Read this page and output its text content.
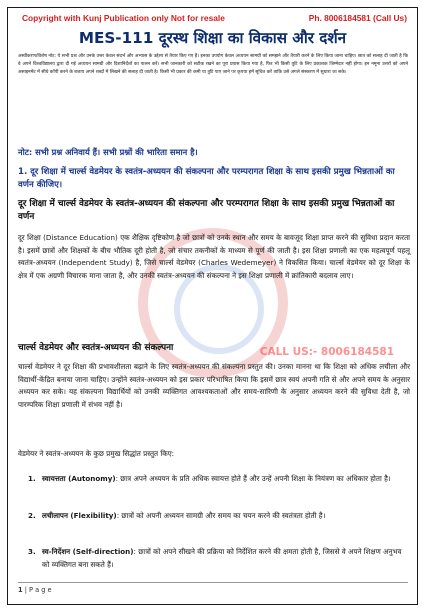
Copyright with Kunj Publication only Not for resale	Ph. 8006184581 (Call Us)
MES-111 दूरस्थ शिक्षा का विकास और दर्शन
अस्वीकरण/विशेष नोट: ये सभी प्रश्न और उनके उत्तर केवल संदर्भ और अभ्यास के उद्देश्य से तैयार किए गए हैं। इनका उपयोग केवल अध्ययन सामग्री को समझने और तैयारी करने के लिए किया जाना चाहिए। छात्र को सलाह दी जाती है कि वे अपने विश्वविद्यालय द्वारा दी गई अध्ययन सामग्री और दिशानिर्देशों का पालन करें। सभी जानकारी को सटीक रखने का पूरा प्रयास किया गया है, फिर भी किसी त्रुटि के लिए प्रकाशक जिम्मेदार नहीं होगा। इन नमूना उत्तरों को अपने असाइनमेंट में सीधे कॉपी करने के बजाय अपने शब्दों में लिखने की सलाह दी जाती है। किसी भी प्रकार की कमी या त्रुटि पाए जाने पर कृपया हमें सूचित करें ताकि उसे अगले संस्करण में सुधारा जा सके।
नोट: सभी प्रश्न अनिवार्य हैं। सभी प्रश्नों की भारिता समान है।
1. दूर शिक्षा में चार्ल्स वेडमेयर के स्वतंत्र-अध्ययन की संकल्पना और परम्परागत शिक्षा के साथ इसकी प्रमुख भिन्नताओं का वर्णन कीजिए।
दूर शिक्षा में चार्ल्स वेडमेयर के स्वतंत्र-अध्ययन की संकल्पना और परम्परागत शिक्षा के साथ इसकी प्रमुख भिन्नताओं का वर्णन
दूर शिक्षा (Distance Education) एक शैक्षिक दृष्टिकोण है जो छात्रों को उनके स्थान और समय के बावजूद शिक्षा प्राप्त करने की सुविधा प्रदान करता है। इसमें छात्रों और शिक्षकों के बीच भौतिक दूरी होती है, जो संचार तकनीकों के माध्यम से पूर्ण की जाती है। इस शिक्षा प्रणाली का एक महत्वपूर्ण पहलू स्वतंत्र-अध्ययन (Independent Study) है, जिसे चार्ल्स वेडमेयर (Charles Wedemeyer) ने विकसित किया। चार्ल्स वेडमेयर को दूर शिक्षा के क्षेत्र में एक अग्रणी विचारक माना जाता है, और उनकी स्वतंत्र-अध्ययन की संकल्पना ने इस शिक्षा प्रणाली में क्रांतिकारी बदलाव लाए।
CALL US:- 8006184581
चार्ल्स वेडमेयर और स्वतंत्र-अध्ययन की संकल्पना
चार्ल्स वेडमेयर ने दूर शिक्षा की प्रभावशीलता बढ़ाने के लिए स्वतंत्र-अध्ययन की संकल्पना प्रस्तुत की। उनका मानना था कि शिक्षा को अधिक लचीला और विद्यार्थी-केंद्रित बनाया जाना चाहिए। उन्होंने स्वतंत्र-अध्ययन को इस प्रकार परिभाषित किया कि इसमें छात्र स्वयं अपनी गति से और अपने समय के अनुसार अध्ययन कर सके। यह संकल्पना विद्यार्थियों को उनकी व्यक्तिगत आवश्यकताओं और समय-सारिणी के अनुसार अध्ययन करने की सुविधा देती है, जो पारम्परिक शिक्षा प्रणाली में संभव नहीं है।
वेडमेयर ने स्वतंत्र-अध्ययन के कुछ प्रमुख सिद्धांत प्रस्तुत किए:
1. स्वायत्तता (Autonomy): छात्र अपने अध्ययन के प्रति अधिक स्वायत्त होते हैं और उन्हें अपनी शिक्षा के नियंत्रण का अधिकार होता है।
2. लचीलापन (Flexibility): छात्रों को अपनी अध्ययन सामग्री और समय का चयन करने की स्वतंत्रता होती है।
3. स्व-निर्देशन (Self-direction): छात्रों को अपने सीखने की प्रक्रिया को निर्देशित करने की क्षमता होती है, जिससे वे अपने शिक्षण अनुभव को व्यक्तिगत बना सकते हैं।
1 | P a g e
